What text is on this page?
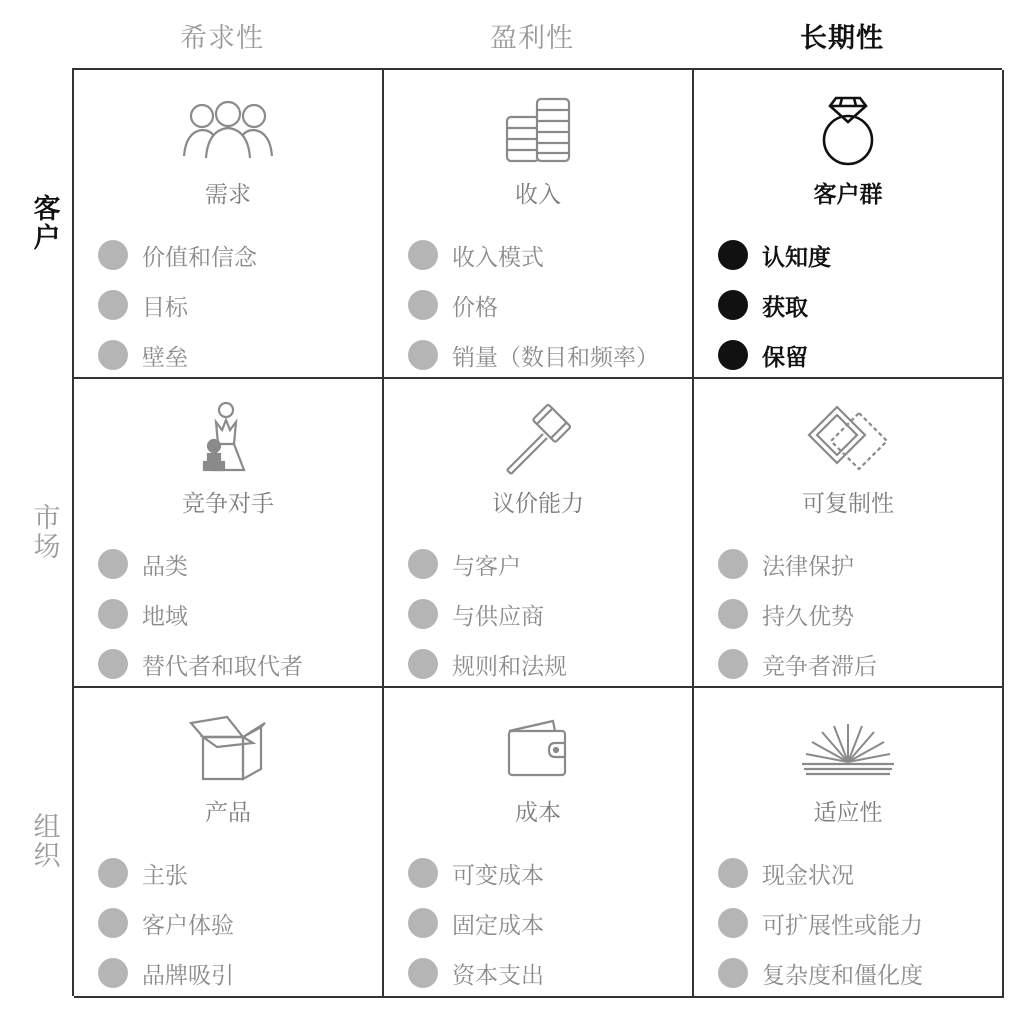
希求性	盈利性	长期性
客户
市场
组织
需求
价值和信念
目标
壁垒
收入
收入模式
价格
销量（数目和频率）
客户群
认知度
获取
保留
竞争对手
品类
地域
替代者和取代者
议价能力
与客户
与供应商
规则和法规
可复制性
法律保护
持久优势
竞争者滞后
产品
主张
客户体验
品牌吸引
成本
可变成本
固定成本
资本支出
适应性
现金状况
可扩展性或能力
复杂度和僵化度
